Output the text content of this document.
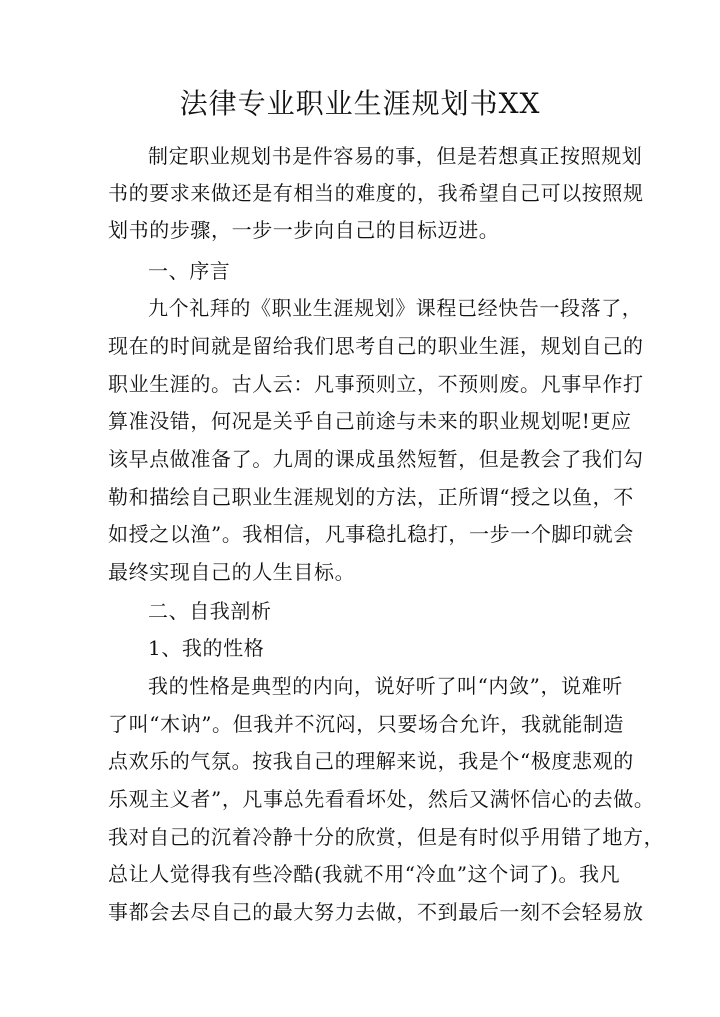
法律专业职业生涯规划书XX
制定职业规划书是件容易的事，但是若想真正按照规划
书的要求来做还是有相当的难度的，我希望自己可以按照规
划书的步骤，一步一步向自己的目标迈进。
一、序言
九个礼拜的《职业生涯规划》课程已经快告一段落了，
现在的时间就是留给我们思考自己的职业生涯，规划自己的
职业生涯的。古人云：凡事预则立，不预则废。凡事早作打
算准没错，何况是关乎自己前途与未来的职业规划呢!更应
该早点做准备了。九周的课成虽然短暂，但是教会了我们勾
勒和描绘自己职业生涯规划的方法，正所谓“授之以鱼，不
如授之以渔”。我相信，凡事稳扎稳打，一步一个脚印就会
最终实现自己的人生目标。
二、自我剖析
1、我的性格
我的性格是典型的内向，说好听了叫“内敛”，说难听
了叫“木讷”。但我并不沉闷，只要场合允许，我就能制造
点欢乐的气氛。按我自己的理解来说，我是个“极度悲观的
乐观主义者”，凡事总先看看坏处，然后又满怀信心的去做。
我对自己的沉着冷静十分的欣赏，但是有时似乎用错了地方，
总让人觉得我有些冷酷(我就不用“冷血”这个词了)。我凡
事都会去尽自己的最大努力去做，不到最后一刻不会轻易放
